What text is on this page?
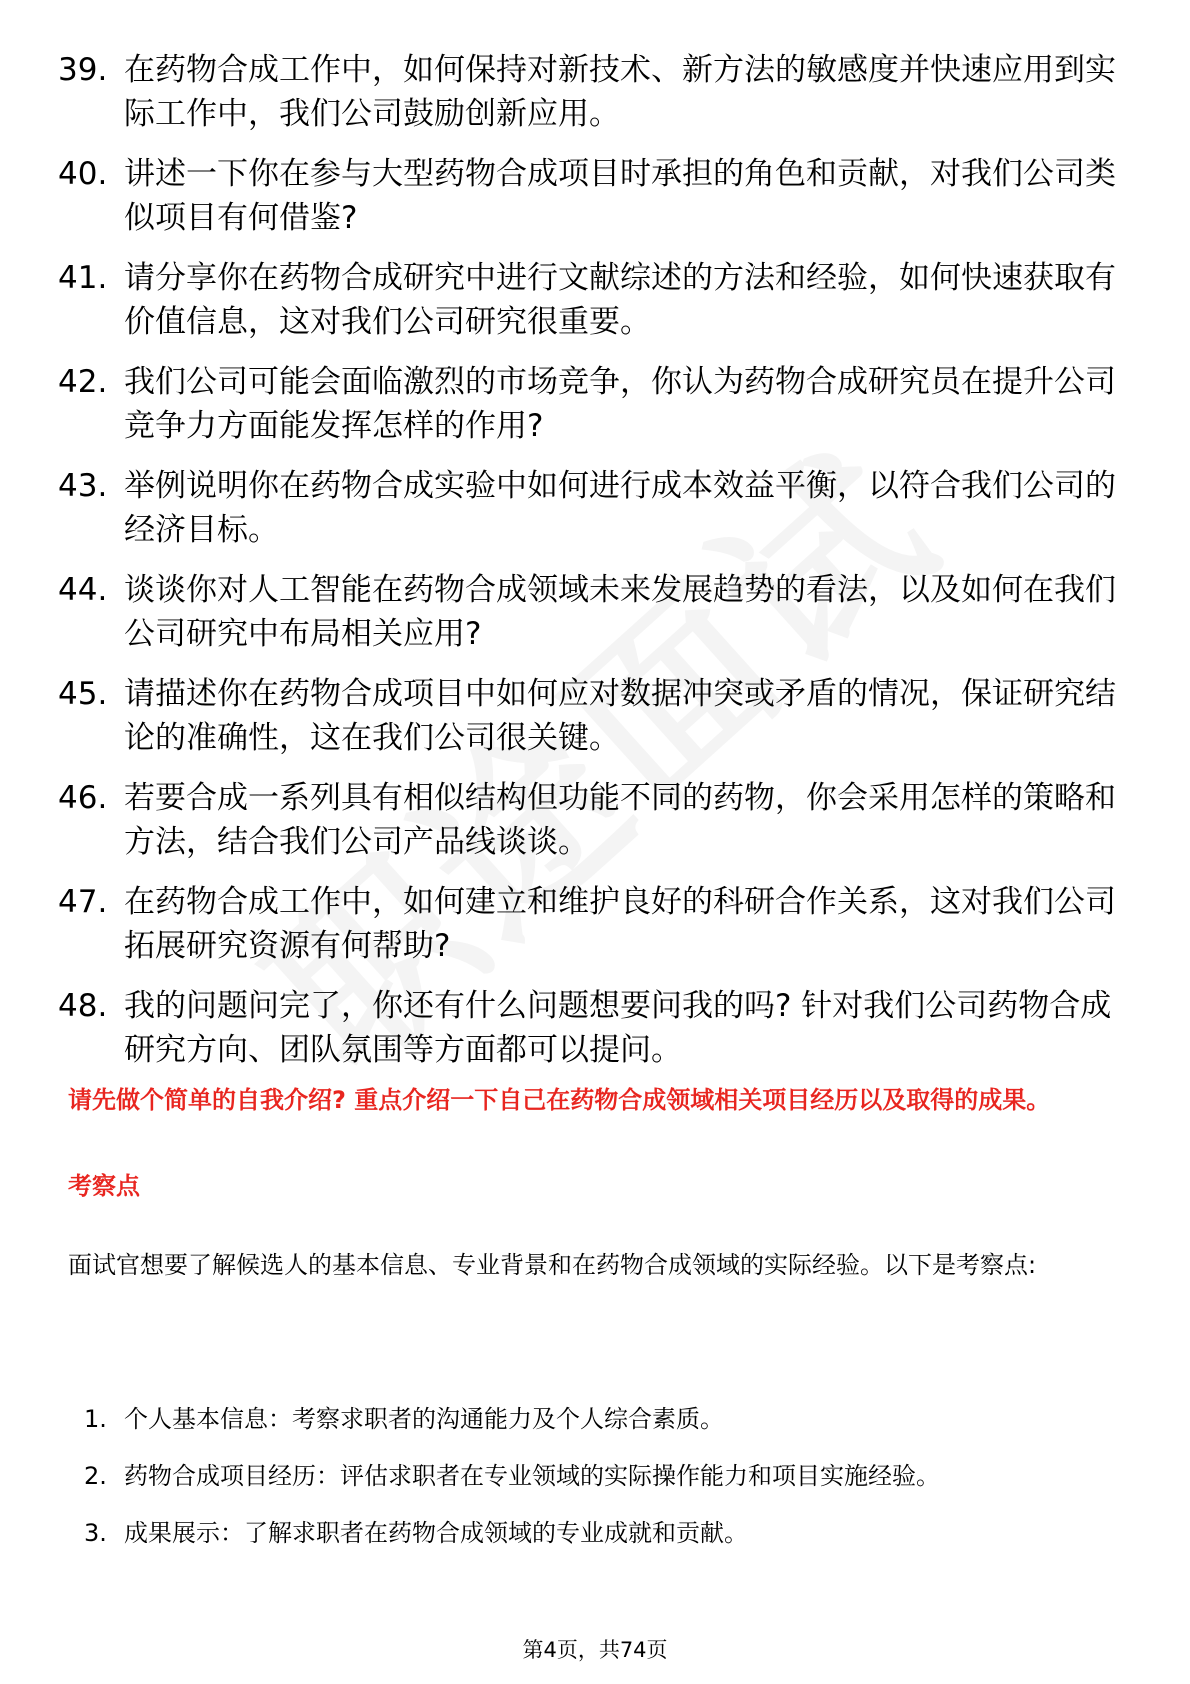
39. 在药物合成工作中，如何保持对新技术、新方法的敏感度并快速应用到实际工作中，我们公司鼓励创新应用。
40. 讲述一下你在参与大型药物合成项目时承担的角色和贡献，对我们公司类似项目有何借鉴?
41. 请分享你在药物合成研究中进行文献综述的方法和经验，如何快速获取有价值信息，这对我们公司研究很重要。
42. 我们公司可能会面临激烈的市场竞争，你认为药物合成研究员在提升公司竞争力方面能发挥怎样的作用?
43. 举例说明你在药物合成实验中如何进行成本效益平衡，以符合我们公司的经济目标。
44. 谈谈你对人工智能在药物合成领域未来发展趋势的看法，以及如何在我们公司研究中布局相关应用?
45. 请描述你在药物合成项目中如何应对数据冲突或矛盾的情况，保证研究结论的准确性，这在我们公司很关键。
46. 若要合成一系列具有相似结构但功能不同的药物，你会采用怎样的策略和方法，结合我们公司产品线谈谈。
47. 在药物合成工作中，如何建立和维护良好的科研合作关系，这对我们公司拓展研究资源有何帮助?
48. 我的问题问完了，你还有什么问题想要问我的吗? 针对我们公司药物合成研究方向、团队氛围等方面都可以提问。
请先做个简单的自我介绍? 重点介绍一下自己在药物合成领域相关项目经历以及取得的成果。
考察点
面试官想要了解候选人的基本信息、专业背景和在药物合成领域的实际经验。以下是考察点:
1. 个人基本信息：考察求职者的沟通能力及个人综合素质。
2. 药物合成项目经历：评估求职者在专业领域的实际操作能力和项目实施经验。
3. 成果展示：了解求职者在药物合成领域的专业成就和贡献。
第4页，共74页
